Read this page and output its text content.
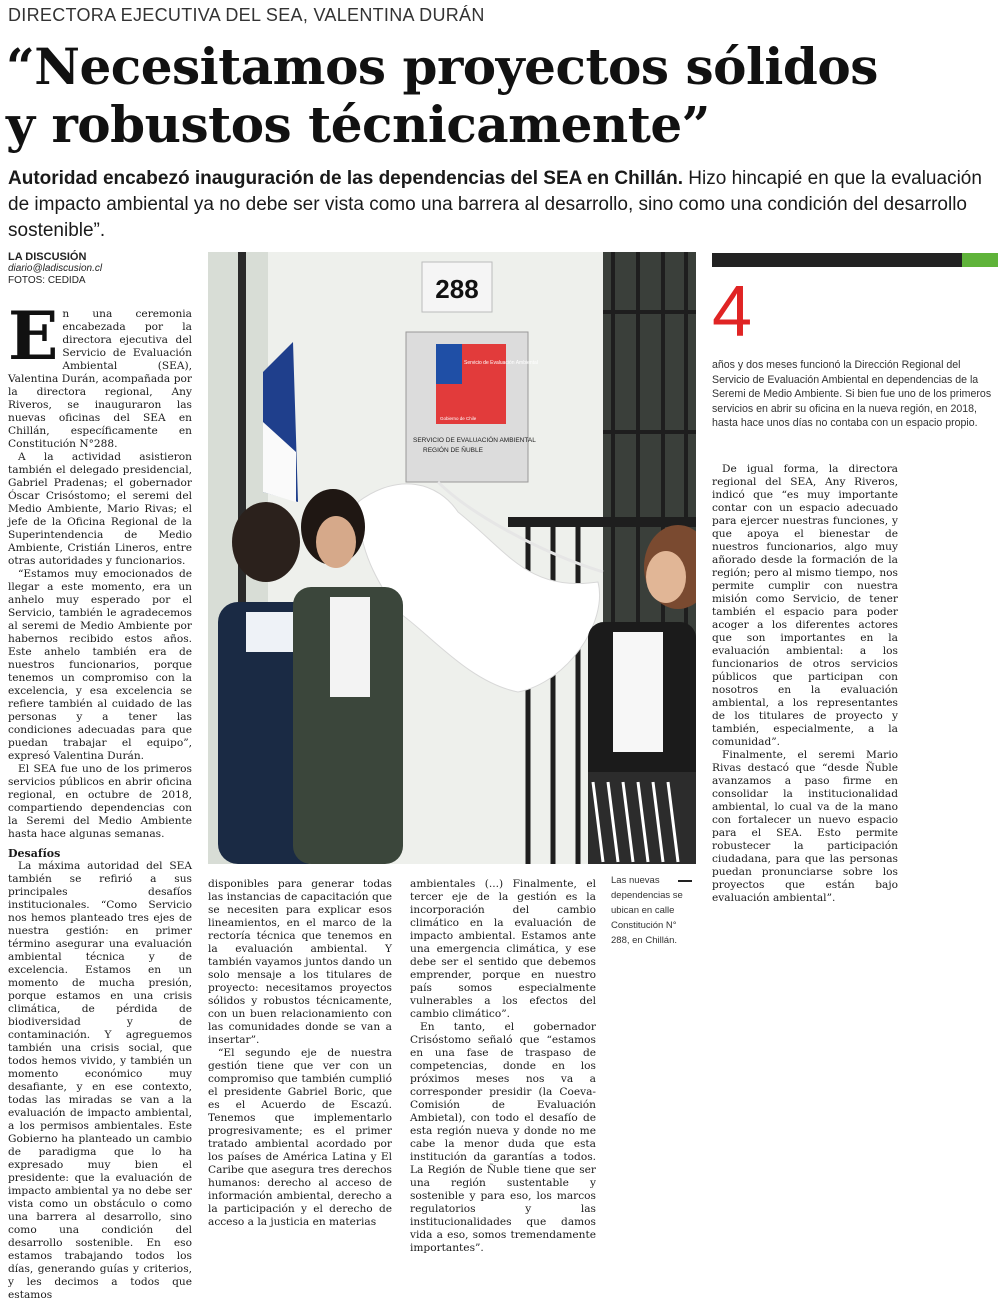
DIRECTORA EJECUTIVA DEL SEA, VALENTINA DURÁN
“Necesitamos proyectos sólidos
y robustos técnicamente”
Autoridad encabezó inauguración de las dependencias del SEA en Chillán. Hizo hincapié en que la evaluación de impacto ambiental ya no debe ser vista como una barrera al desarrollo, sino como una condición del desarrollo sostenible”.
LA DISCUSIÓN
diario@ladiscusion.cl
FOTOS: CEDIDA

En una ceremonia encabezada por la directora ejecutiva del Servicio de Evaluación Ambiental (SEA), Valentina Durán, acompañada por la directora regional, Any Riveros, se inauguraron las nuevas oficinas del SEA en Chillán, específicamente en Constitución N°288.

A la actividad asistieron también el delegado presidencial, Gabriel Pradenas; el gobernador Óscar Crisóstomo; el seremi del Medio Ambiente, Mario Rivas; el jefe de la Oficina Regional de la Superintendencia de Medio Ambiente, Cristián Lineros, entre otras autoridades y funcionarios.

“Estamos muy emocionados de llegar a este momento, era un anhelo muy esperado por el Servicio, también le agradecemos al seremi de Medio Ambiente por habernos recibido estos años. Este anhelo también era de nuestros funcionarios, porque tenemos un compromiso con la excelencia, y esa excelencia se refiere también al cuidado de las personas y a tener las condiciones adecuadas para que puedan trabajar el equipo”, expresó Valentina Durán.

El SEA fue uno de los primeros servicios públicos en abrir oficina regional, en octubre de 2018, compartiendo dependencias con la Seremi del Medio Ambiente hasta hace algunas semanas.

Desafíos

La máxima autoridad del SEA también se refirió a sus principales desafíos institucionales. “Como Servicio nos hemos planteado tres ejes de nuestra gestión: en primer término asegurar una evaluación ambiental técnica y de excelencia. Estamos en un momento de mucha presión, porque estamos en una crisis climática, de pérdida de biodiversidad y de contaminación. Y agreguemos también una crisis social, que todos hemos vivido, y también un momento económico muy desafiante, y en ese contexto, todas las miradas se van a la evaluación de impacto ambiental, a los permisos ambientales. Este Gobierno ha planteado un cambio de paradigma que lo ha expresado muy bien el presidente: que la evaluación de impacto ambiental ya no debe ser vista como un obstáculo o como una barrera al desarrollo, sino como una condición del desarrollo sostenible. En eso estamos trabajando todos los días, generando guías y criterios, y les decimos a todos que estamos

288
Servicio de Evaluación Ambiental
Gobierno de Chile
SERVICIO DE EVALUACIÓN AMBIENTAL
REGIÓN DE ÑUBLE
4
años y dos meses funcionó la Dirección Regional del Servicio de Evaluación Ambiental en dependencias de la Seremi de Medio Ambiente. Si bien fue uno de los primeros servicios en abrir su oficina en la nueva región, en 2018, hasta hace unos días no contaba con un espacio propio.
Las nuevas dependencias se ubican en calle Constitución N° 288, en Chillán.

disponibles para generar todas las instancias de capacitación que se necesiten para explicar esos lineamientos, en el marco de la rectoría técnica que tenemos en la evaluación ambiental. Y también vayamos juntos dando un solo mensaje a los titulares de proyecto: necesitamos proyectos sólidos y robustos técnicamente, con un buen relacionamiento con las comunidades donde se van a insertar”.

“El segundo eje de nuestra gestión tiene que ver con un compromiso que también cumplió el presidente Gabriel Boric, que es el Acuerdo de Escazú. Tenemos que implementarlo progresivamente; es el primer tratado ambiental acordado por los países de América Latina y El Caribe que asegura tres derechos humanos: derecho al acceso de información ambiental, derecho a la participación y el derecho de acceso a la justicia en materias

ambientales (...) Finalmente, el tercer eje de la gestión es la incorporación del cambio climático en la evaluación de impacto ambiental. Estamos ante una emergencia climática, y ese debe ser el sentido que debemos emprender, porque en nuestro país somos especialmente vulnerables a los efectos del cambio climático”.

En tanto, el gobernador Crisóstomo señaló que “estamos en una fase de traspaso de competencias, donde en los próximos meses nos va a corresponder presidir (la Coeva-Comisión de Evaluación Ambietal), con todo el desafío de esta región nueva y donde no me cabe la menor duda que esta institución da garantías a todos. La Región de Ñuble tiene que ser una región sustentable y sostenible y para eso, los marcos regulatorios y las institucionalidades que damos vida a eso, somos tremendamente importantes”.

De igual forma, la directora regional del SEA, Any Riveros, indicó que “es muy importante contar con un espacio adecuado para ejercer nuestras funciones, y que apoya el bienestar de nuestros funcionarios, algo muy añorado desde la formación de la región; pero al mismo tiempo, nos permite cumplir con nuestra misión como Servicio, de tener también el espacio para poder acoger a los diferentes actores que son importantes en la evaluación ambiental: a los funcionarios de otros servicios públicos que participan con nosotros en la evaluación ambiental, a los representantes de los titulares de proyecto y también, especialmente, a la comunidad”.

Finalmente, el seremi Mario Rivas destacó que “desde Ñuble avanzamos a paso firme en consolidar la institucionalidad ambiental, lo cual va de la mano con fortalecer un nuevo espacio para el SEA. Esto permite robustecer la participación ciudadana, para que las personas puedan pronunciarse sobre los proyectos que están bajo evaluación ambiental”.
